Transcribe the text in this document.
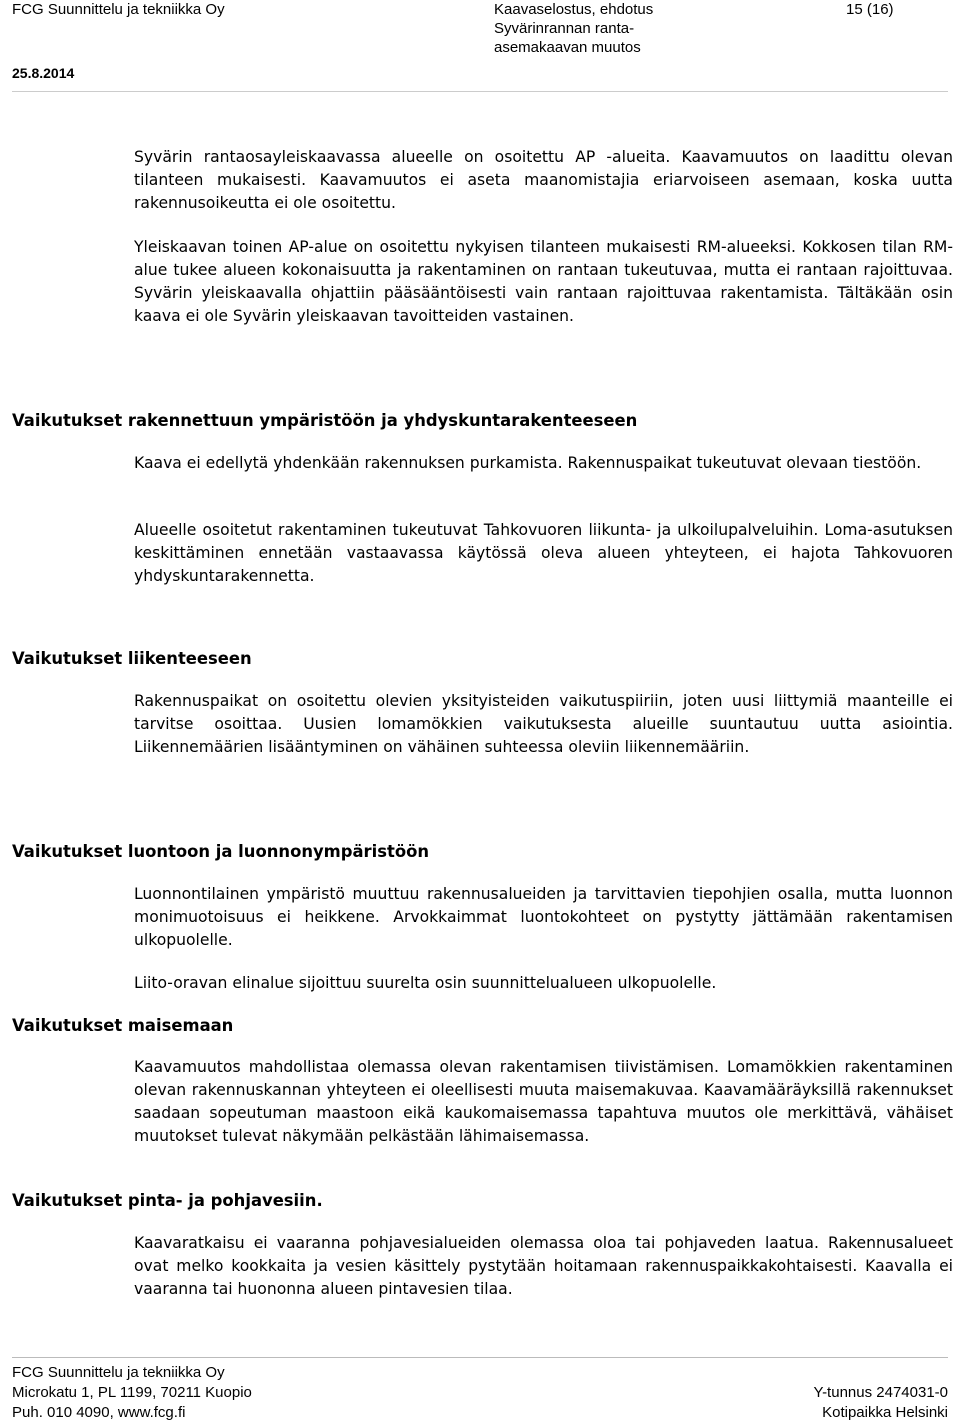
FCG Suunnittelu ja tekniikka Oy	Kaavaselostus, ehdotus
Syvärinrannan ranta-
asemakaavan muutos
15 (16)
25.8.2014

Syvärin rantaosayleiskaavassa alueelle on osoitettu AP -alueita. Kaavamuutos on laadittu olevan tilanteen mukaisesti. Kaavamuutos ei aseta maanomistajia eriarvoiseen asemaan, koska uutta rakennusoikeutta ei ole osoitettu.

Yleiskaavan toinen AP-alue on osoitettu nykyisen tilanteen mukaisesti RM-alueeksi. Kokkosen tilan RM-alue tukee alueen kokonaisuutta ja rakentaminen on rantaan tukeutuvaa, mutta ei rantaan rajoittuvaa. Syvärin yleiskaavalla ohjattiin pääsääntöisesti vain rantaan rajoittuvaa rakentamista. Tältäkään osin kaava ei ole Syvärin yleiskaavan tavoitteiden vastainen.

Vaikutukset rakennettuun ympäristöön ja yhdyskuntarakenteeseen

Kaava ei edellytä yhdenkään rakennuksen purkamista. Rakennuspaikat tukeutuvat olevaan tiestöön.

Alueelle osoitetut rakentaminen tukeutuvat Tahkovuoren liikunta- ja ulkoilupalveluihin. Loma-asutuksen keskittäminen ennetään vastaavassa käytössä oleva alueen yhteyteen, ei hajota Tahkovuoren yhdyskuntarakennetta.

Vaikutukset liikenteeseen

Rakennuspaikat on osoitettu olevien yksityisteiden vaikutuspiiriin, joten uusi liittymiä maanteille ei tarvitse osoittaa. Uusien lomamökkien vaikutuksesta alueille suuntautuu uutta asiointia. Liikennemäärien lisääntyminen on vähäinen suhteessa oleviin liikennemääriin.

Vaikutukset luontoon ja luonnonympäristöön

Luonnontilainen ympäristö muuttuu rakennusalueiden ja tarvittavien tiepohjien osalla, mutta luonnon monimuotoisuus ei heikkene. Arvokkaimmat luontokohteet on pystytty jättämään rakentamisen ulkopuolelle.

Liito-oravan elinalue sijoittuu suurelta osin suunnittelualueen ulkopuolelle.

Vaikutukset maisemaan

Kaavamuutos mahdollistaa olemassa olevan rakentamisen tiivistämisen. Lomamökkien rakentaminen olevan rakennuskannan yhteyteen ei oleellisesti muuta maisemakuvaa. Kaavamääräyksillä rakennukset saadaan sopeutuman maastoon eikä kaukomaisemassa tapahtuva muutos ole merkittävä, vähäiset muutokset tulevat näkymään pelkästään lähimaisemassa.

Vaikutukset pinta- ja pohjavesiin.

Kaavaratkaisu ei vaaranna pohjavesialueiden olemassa oloa tai pohjaveden laatua. Rakennusalueet ovat melko kookkaita ja vesien käsittely pystytään hoitamaan rakennuspaikkakohtaisesti. Kaavalla ei vaaranna tai huononna alueen pintavesien tilaa.

FCG Suunnittelu ja tekniikka Oy
Microkatu 1, PL 1199, 70211 Kuopio
Puh. 010 4090, www.fcg.fi
Y-tunnus 2474031-0
Kotipaikka Helsinki
